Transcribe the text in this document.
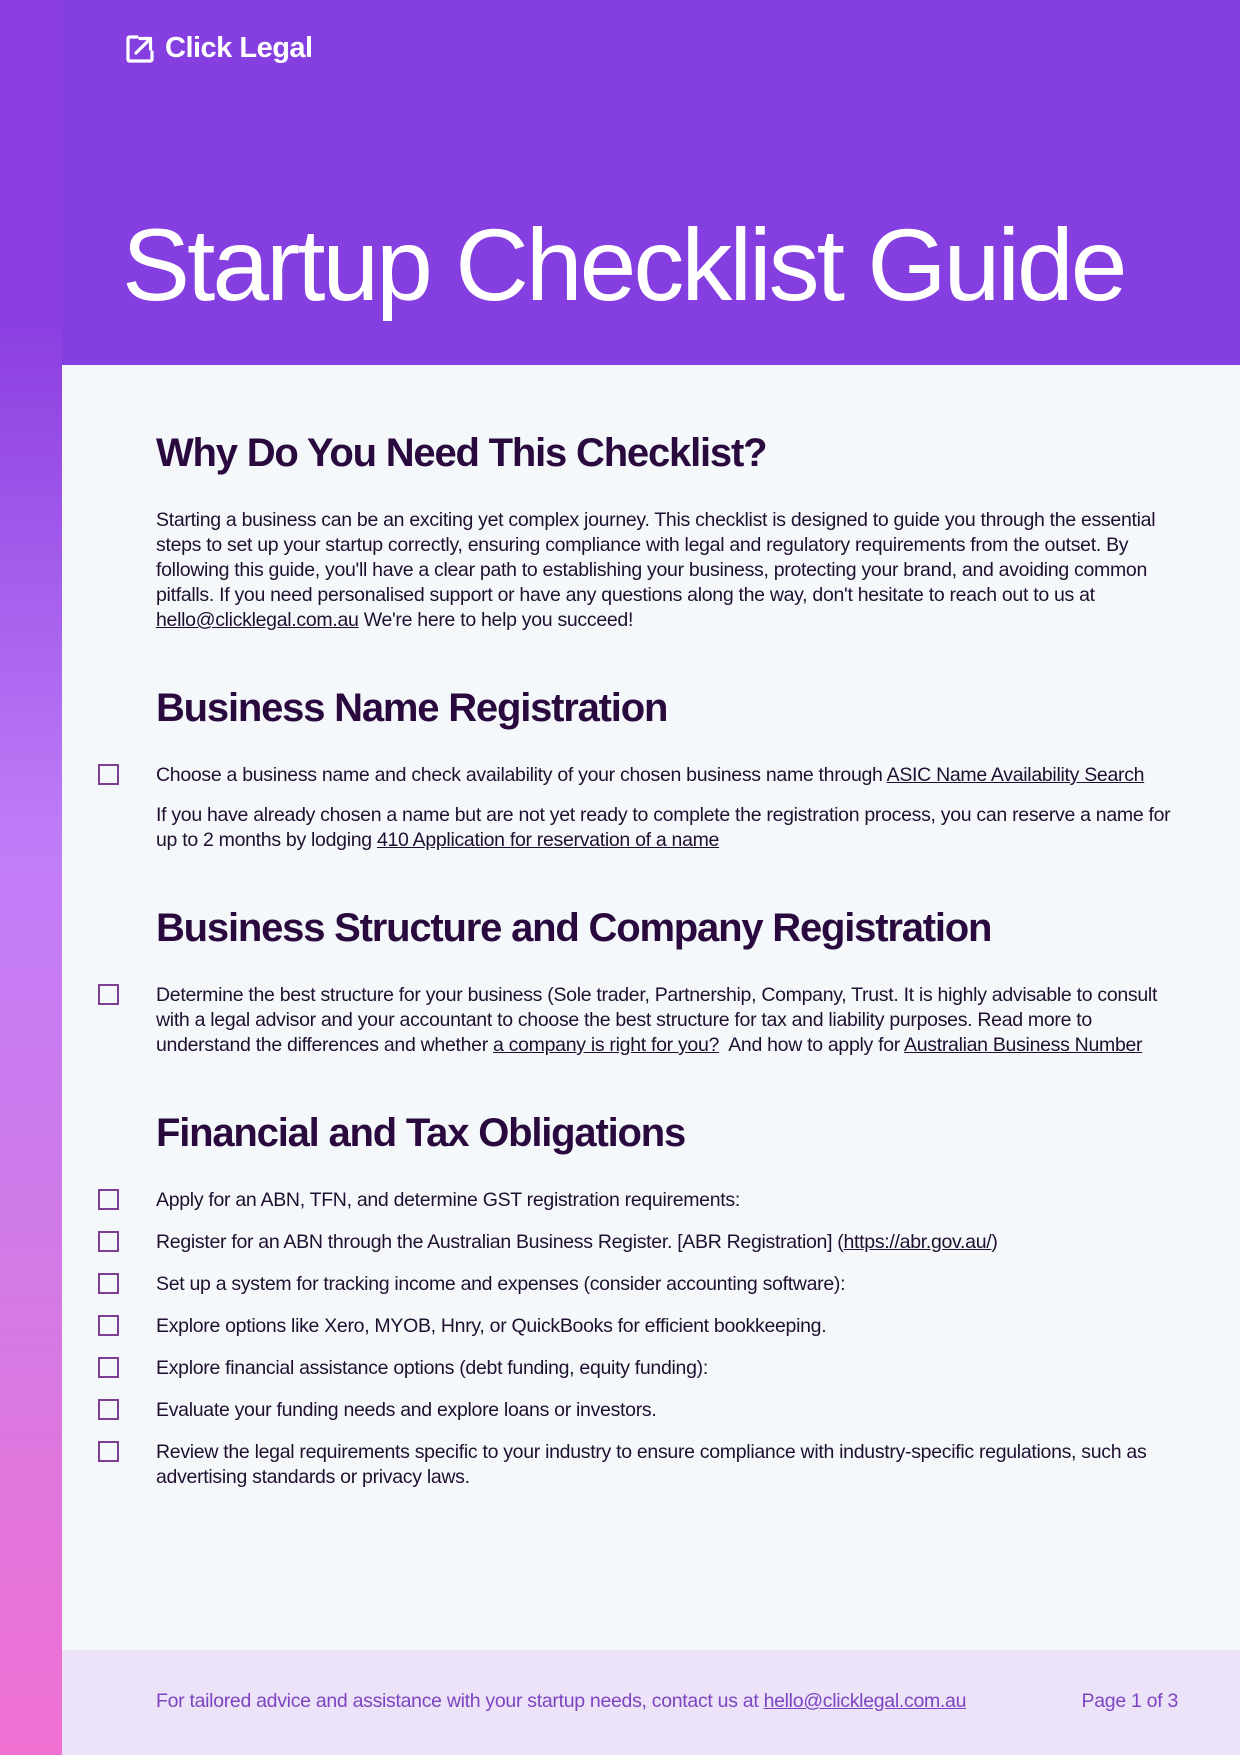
Click Legal
Startup Checklist Guide
Why Do You Need This Checklist?

Starting a business can be an exciting yet complex journey. This checklist is designed to guide you through the essential steps to set up your startup correctly, ensuring compliance with legal and regulatory requirements from the outset. By following this guide, you'll have a clear path to establishing your business, protecting your brand, and avoiding common pitfalls. If you need personalised support or have any questions along the way, don't hesitate to reach out to us at hello@clicklegal.com.au We're here to help you succeed!

Business Name Registration

Choose a business name and check availability of your chosen business name through ASIC Name Availability Search

If you have already chosen a name but are not yet ready to complete the registration process, you can reserve a name for up to 2 months by lodging 410 Application for reservation of a name

Business Structure and Company Registration

Determine the best structure for your business (Sole trader, Partnership, Company, Trust. It is highly advisable to consult with a legal advisor and your accountant to choose the best structure for tax and liability purposes. Read more to understand the differences and whether a company is right for you?  And how to apply for Australian Business Number

Financial and Tax Obligations

Apply for an ABN, TFN, and determine GST registration requirements:

Register for an ABN through the Australian Business Register. [ABR Registration] (https://abr.gov.au/)

Set up a system for tracking income and expenses (consider accounting software):

Explore options like Xero, MYOB, Hnry, or QuickBooks for efficient bookkeeping.

Explore financial assistance options (debt funding, equity funding):

Evaluate your funding needs and explore loans or investors.

Review the legal requirements specific to your industry to ensure compliance with industry-specific regulations, such as advertising standards or privacy laws.

For tailored advice and assistance with your startup needs, contact us at hello@clicklegal.com.au	Page 1 of 3
